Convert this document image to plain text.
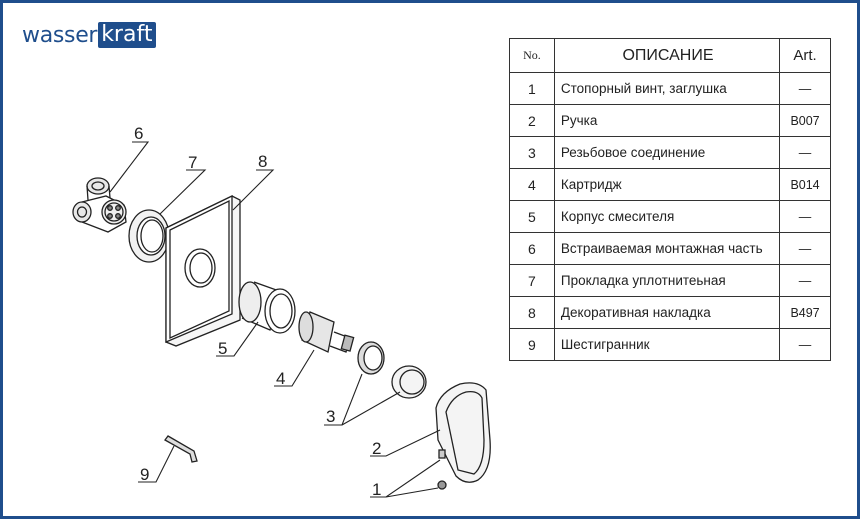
wasser kraft
6
7	8
5
4
3
2
1
9
No.	ОПИСАНИЕ	Art.
1	Стопорный винт, заглушка	—
2	Ручка	B007
3	Резьбовое соединение	—
4	Картридж	B014
5	Корпус смесителя	—
6	Встраиваемая монтажная часть	—
7	Прокладка уплотнитеьная	—
8	Декоративная накладка	B497
9	Шестигранник	—
